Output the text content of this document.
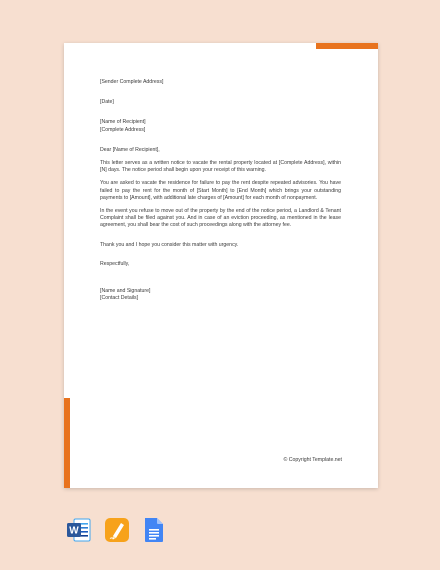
[Sender Complete Address]

[Date]

[Name of Recipient]

[Complete Address]

Dear [Name of Recipient],

This letter serves as a written notice to vacate the rental property located at [Complete Address], within [N] days. The notice period shall begin upon your receipt of this warning.

You are asked to vacate the residence for failure to pay the rent despite repeated advisories. You have failed to pay the rent for the month of [Start Month] to [End Month] which brings your outstanding payments to [Amount], with additional late charges of [Amount] for each month of nonpayment.

In the event you refuse to move out of the property by the end of the notice period, a Landlord & Tenant Complaint shall be filed against you. And in case of an eviction proceeding, as mentioned in the lease agreement, you shall bear the cost of such proceedings along with the attorney fee.

Thank you and I hope you consider this matter with urgency.

Respectfully,

[Name and Signature]

[Contact Details]

© Copyright Template.net
W
